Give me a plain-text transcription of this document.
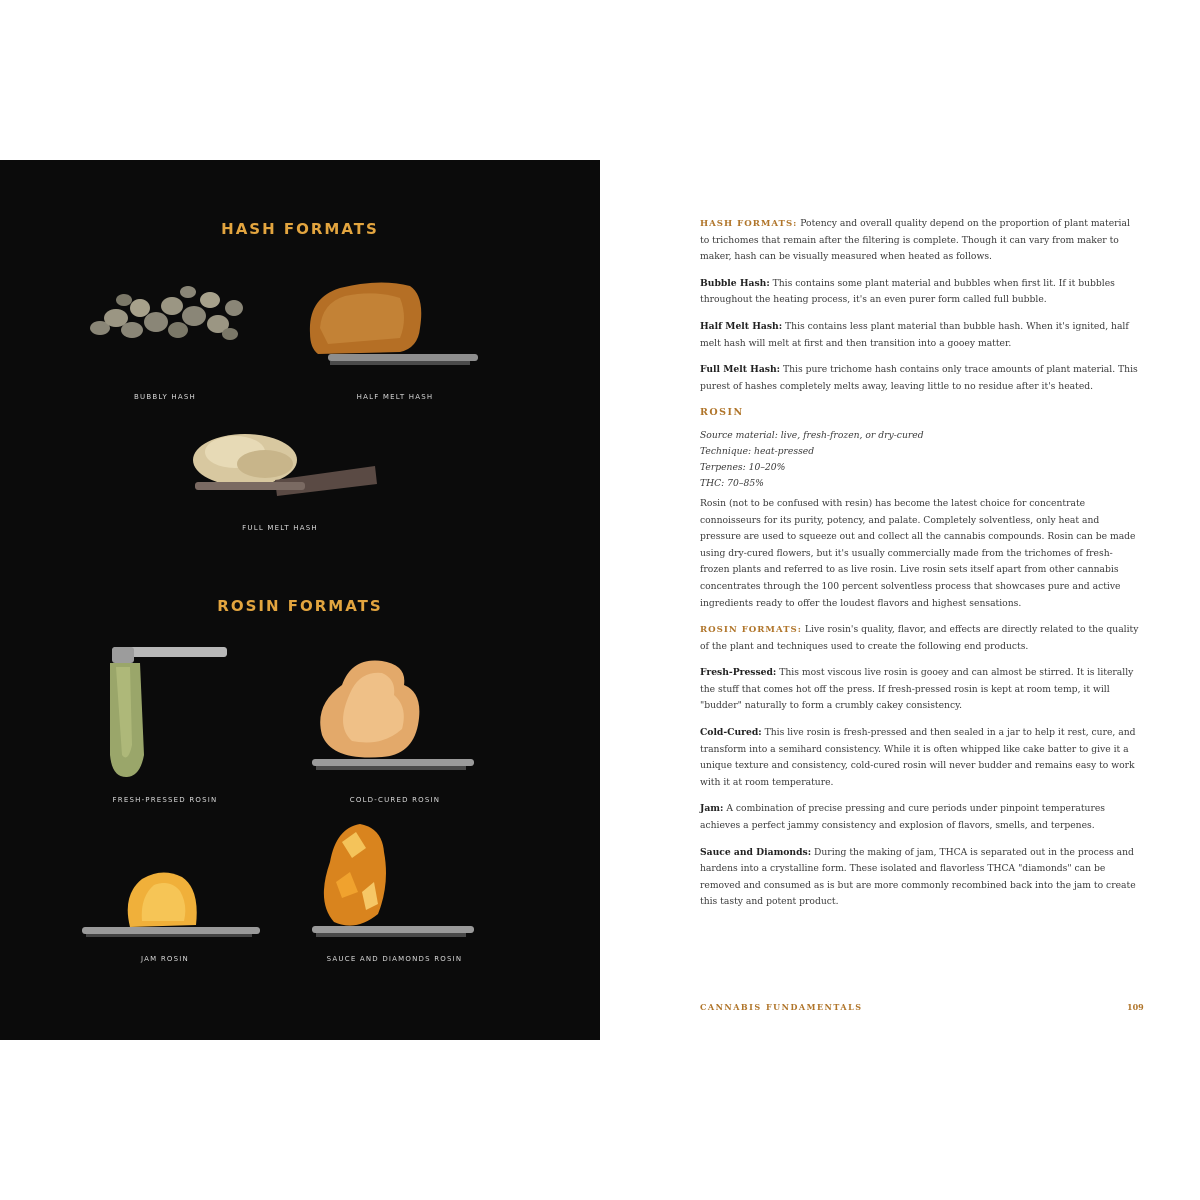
HASH FORMATS
BUBBLY HASH	HALF MELT HASH
FULL MELT HASH
ROSIN FORMATS
FRESH-PRESSED ROSIN	COLD-CURED ROSIN
JAM ROSIN	SAUCE AND DIAMONDS ROSIN

HASH FORMATS: Potency and overall quality depend on the proportion of plant material to trichomes that remain after the filtering is complete. Though it can vary from maker to maker, hash can be visually measured when heated as follows.

Bubble Hash: This contains some plant material and bubbles when first lit. If it bubbles throughout the heating process, it's an even purer form called full bubble.

Half Melt Hash: This contains less plant material than bubble hash. When it's ignited, half melt hash will melt at first and then transition into a gooey matter.

Full Melt Hash: This pure trichome hash contains only trace amounts of plant material. This purest of hashes completely melts away, leaving little to no residue after it's heated.

ROSIN
Source material: live, fresh-frozen, or dry-cured
Technique: heat-pressed
Terpenes: 10–20%
THC: 70–85%

Rosin (not to be confused with resin) has become the latest choice for concentrate connoisseurs for its purity, potency, and palate. Completely solventless, only heat and pressure are used to squeeze out and collect all the cannabis compounds. Rosin can be made using dry-cured flowers, but it's usually commercially made from the trichomes of fresh-frozen plants and referred to as live rosin. Live rosin sets itself apart from other cannabis concentrates through the 100 percent solventless process that showcases pure and active ingredients ready to offer the loudest flavors and highest sensations.

ROSIN FORMATS: Live rosin's quality, flavor, and effects are directly related to the quality of the plant and techniques used to create the following end products.

Fresh-Pressed: This most viscous live rosin is gooey and can almost be stirred. It is literally the stuff that comes hot off the press. If fresh-pressed rosin is kept at room temp, it will "budder" naturally to form a crumbly cakey consistency.

Cold-Cured: This live rosin is fresh-pressed and then sealed in a jar to help it rest, cure, and transform into a semihard consistency. While it is often whipped like cake batter to give it a unique texture and consistency, cold-cured rosin will never budder and remains easy to work with it at room temperature.

Jam: A combination of precise pressing and cure periods under pinpoint temperatures achieves a perfect jammy consistency and explosion of flavors, smells, and terpenes.

Sauce and Diamonds: During the making of jam, THCA is separated out in the process and hardens into a crystalline form. These isolated and flavorless THCA "diamonds" can be removed and consumed as is but are more commonly recombined back into the jam to create this tasty and potent product.

CANNABIS FUNDAMENTALS	109
